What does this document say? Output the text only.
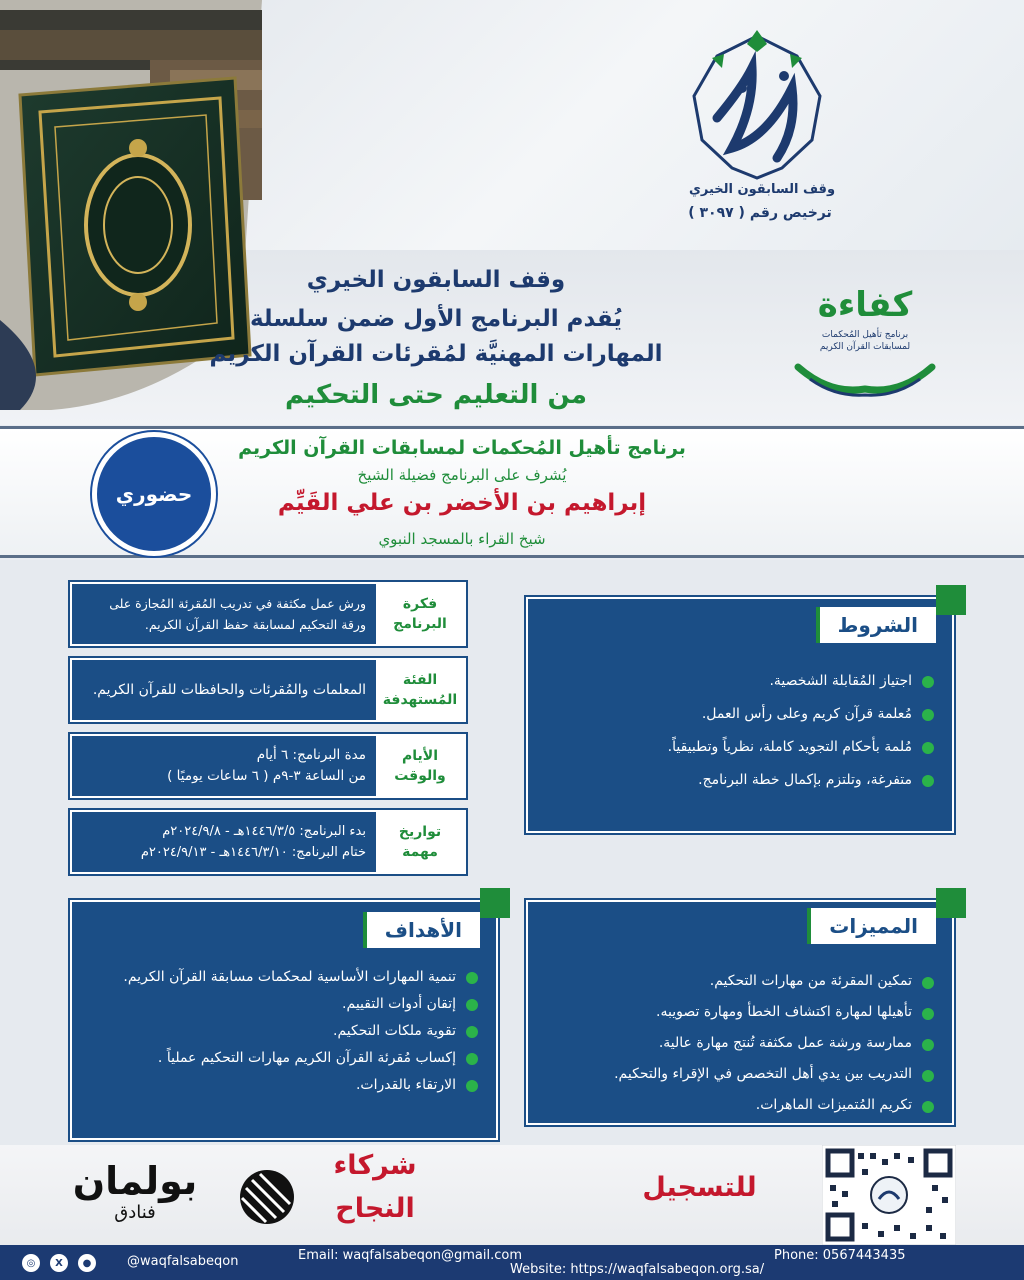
وقف السابقون الخيري
ترخيص رقم ( ٣٠٩٧ )
كفاءة
برنامج تأهيل المُحكمات لمسابقات القرآن الكريم
وقف السابقون الخيري
يُقدم البرنامج الأول ضمن سلسلة
المهارات المهنيَّة لمُقرئات القرآن الكريم
من التعليم حتى التحكيم
برنامج تأهيل المُحكمات لمسابقات القرآن الكريم
يُشرف على البرنامج فضيلة الشيخ
إبراهيم بن الأخضر بن علي القَيِّم
شيخ القراء بالمسجد النبوي
حضوري
الشروط
اجتياز المُقابلة الشخصية.
مُعلمة قرآن كريم وعلى رأس العمل.
مُلمة بأحكام التجويد كاملة، نظرياً وتطبيقياً.
متفرغة، وتلتزم بإكمال خطة البرنامج.
المميزات
تمكين المقرئة من مهارات التحكيم.
تأهيلها لمهارة اكتشاف الخطأ ومهارة تصويبه.
ممارسة ورشة عمل مكثفة تُنتج مهارة عالية.
التدريب بين يدي أهل التخصص في الإقراء والتحكيم.
تكريم المُتميزات الماهرات.
الأهداف
تنمية المهارات الأساسية لمحكمات مسابقة القرآن الكريم.
إتقان أدوات التقييم.
تقوية ملكات التحكيم.
إكساب مُقرئة القرآن الكريم مهارات التحكيم عملياً .
الارتقاء بالقدرات.
فكرة
البرنامج
ورش عمل مكثفة في تدريب المُقرئة المُجازة على ورقة التحكيم لمسابقة حفظ القرآن الكريم.
الفئة
المُستهدفة
المعلمات والمُقرئات والحافظات للقرآن الكريم.
الأيام
والوقت
مدة البرنامج: ٦ أيام
من الساعة ٣-٩م ( ٦ ساعات يوميًا )
تواريخ
مهمة
بدء البرنامج: ١٤٤٦/٣/٥هـ - ٢٠٢٤/٩/٨م
ختام البرنامج: ١٤٤٦/٣/١٠هـ - ٢٠٢٤/٩/١٣م
للتسجيل
شركاء
النجاح
بولمان
فنادق
◎	X	●	@waqfalsabeqon	Email: waqfalsabeqon@gmail.com	Phone: 0567443435
Website: https://waqfalsabeqon.org.sa/
